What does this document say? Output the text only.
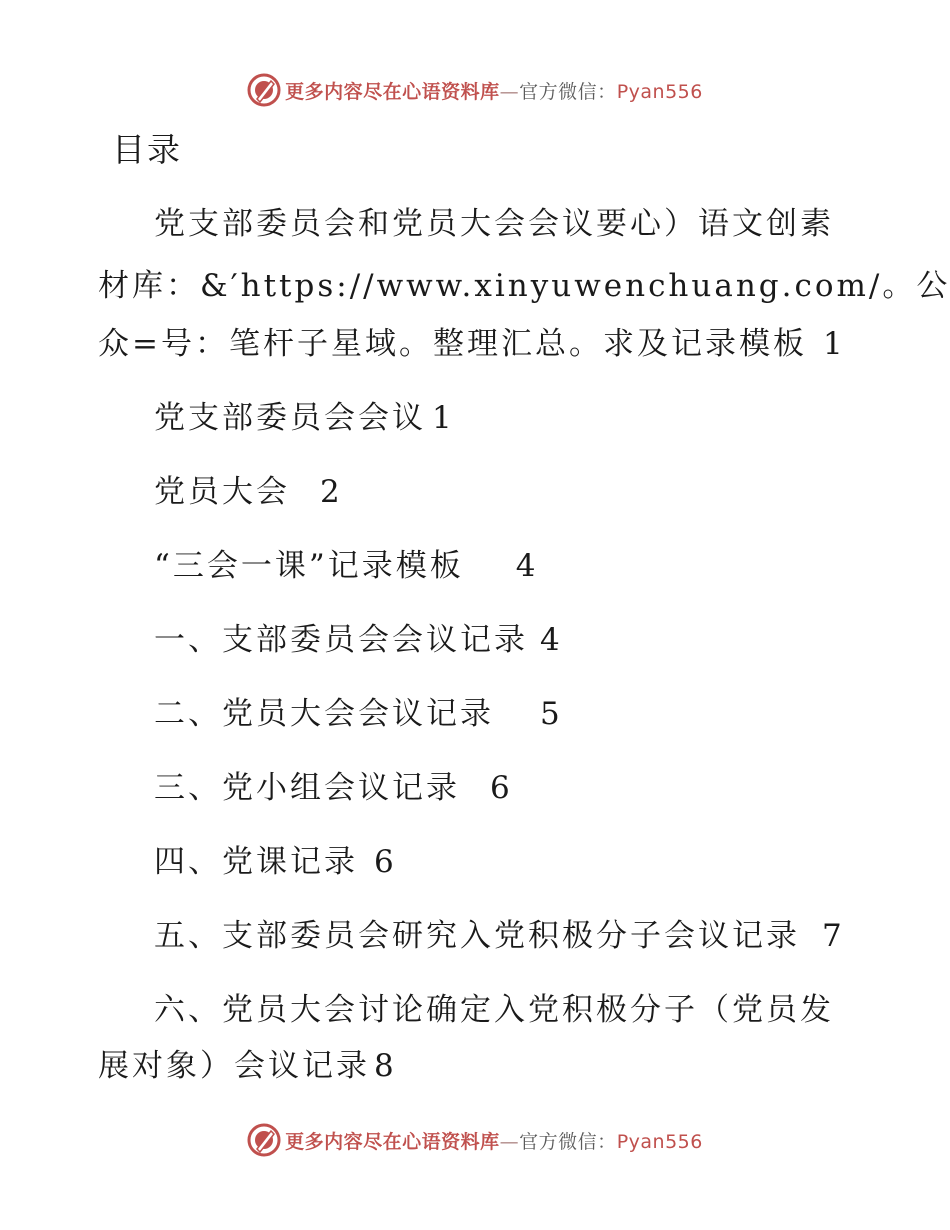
更多内容尽在心语资料库—官方微信：Pyan556
目录
党支部委员会和党员大会会议要心）语文创素
材库：&′https://www.xinyuwenchuang.com/。公
众=号：笔杆子星域。整理汇总。求及记录模板 1
党支部委员会会议 1
党员大会 2
“三会一课”记录模板 4
一、支部委员会会议记录 4
二、党员大会会议记录 5
三、党小组会议记录 6
四、党课记录 6
五、支部委员会研究入党积极分子会议记录 7
六、党员大会讨论确定入党积极分子（党员发
展对象）会议记录 8
更多内容尽在心语资料库—官方微信：Pyan556
